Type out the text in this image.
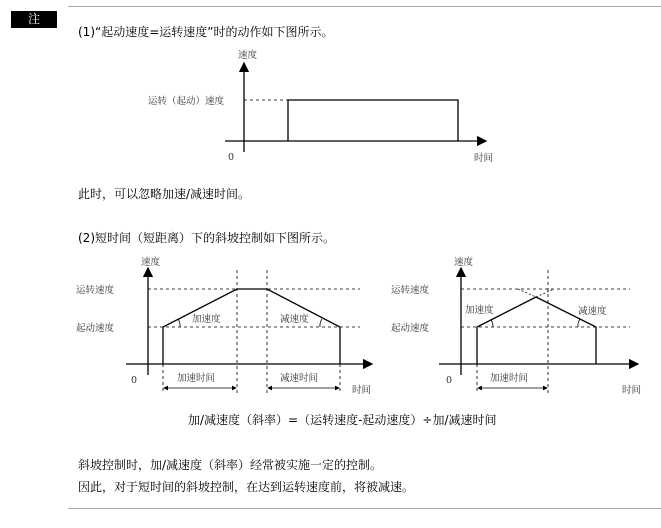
注
(1)“起动速度=运转速度”时的动作如下图所示。
此时，可以忽略加速/减速时间。
(2)短时间（短距离）下的斜坡控制如下图所示。
加/减速度（斜率）=（运转速度-起动速度）÷加/减速时间
斜坡控制时，加/减速度（斜率）经常被实施一定的控制。
因此，对于短时间的斜坡控制，在达到运转速度前，将被减速。
速度
时间
0
运转（起动）速度
速度
时间
0
运转速度
起动速度
加速度	减速度
加速时间	减速时间
速度
时间
0
运转速度
起动速度
加速度	减速度
加速时间
